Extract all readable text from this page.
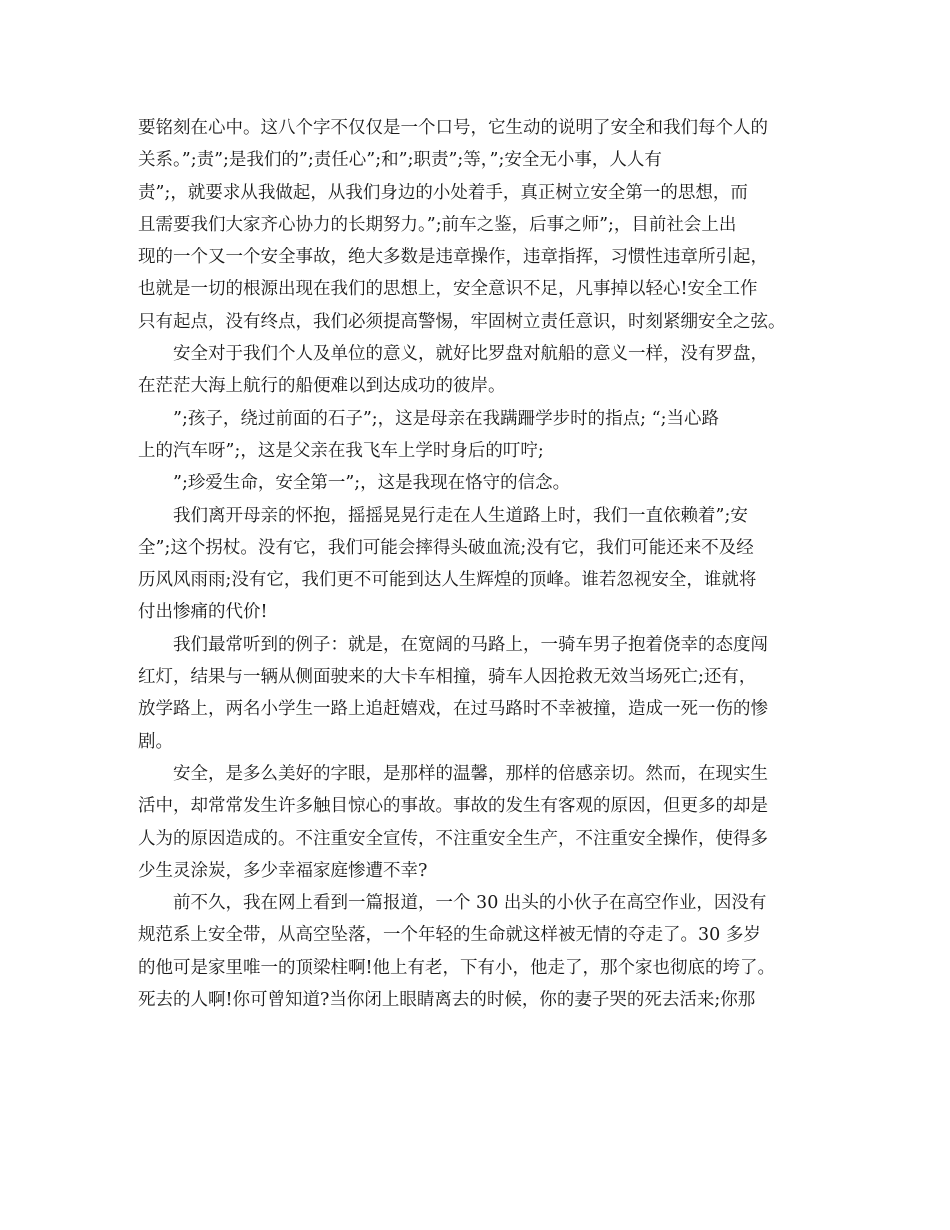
要铭刻在心中。这八个字不仅仅是一个口号，它生动的说明了安全和我们每个人的
关系。”;责”;是我们的”;责任心”;和”;职责”;等，”;安全无小事，人人有
责”;，就要求从我做起，从我们身边的小处着手，真正树立安全第一的思想，而
且需要我们大家齐心协力的长期努力。”;前车之鉴，后事之师”;，目前社会上出
现的一个又一个安全事故，绝大多数是违章操作，违章指挥，习惯性违章所引起，
也就是一切的根源出现在我们的思想上，安全意识不足，凡事掉以轻心!安全工作
只有起点，没有终点，我们必须提高警惕，牢固树立责任意识，时刻紧绷安全之弦。
　　安全对于我们个人及单位的意义，就好比罗盘对航船的意义一样，没有罗盘，
在茫茫大海上航行的船便难以到达成功的彼岸。
　　”;孩子，绕过前面的石子”;，这是母亲在我蹒跚学步时的指点; “;当心路
上的汽车呀”;，这是父亲在我飞车上学时身后的叮咛;
　　”;珍爱生命，安全第一”;，这是我现在恪守的信念。
　　我们离开母亲的怀抱，摇摇晃晃行走在人生道路上时，我们一直依赖着”;安
全”;这个拐杖。没有它，我们可能会摔得头破血流;没有它，我们可能还来不及经
历风风雨雨;没有它，我们更不可能到达人生辉煌的顶峰。谁若忽视安全，谁就将
付出惨痛的代价!
　　我们最常听到的例子：就是，在宽阔的马路上，一骑车男子抱着侥幸的态度闯
红灯，结果与一辆从侧面驶来的大卡车相撞，骑车人因抢救无效当场死亡;还有，
放学路上，两名小学生一路上追赶嬉戏，在过马路时不幸被撞，造成一死一伤的惨
剧。
　　安全，是多么美好的字眼，是那样的温馨，那样的倍感亲切。然而，在现实生
活中，却常常发生许多触目惊心的事故。事故的发生有客观的原因，但更多的却是
人为的原因造成的。不注重安全宣传，不注重安全生产，不注重安全操作，使得多
少生灵涂炭，多少幸福家庭惨遭不幸?
　　前不久，我在网上看到一篇报道，一个 30 出头的小伙子在高空作业，因没有
规范系上安全带，从高空坠落，一个年轻的生命就这样被无情的夺走了。30 多岁
的他可是家里唯一的顶梁柱啊!他上有老，下有小，他走了，那个家也彻底的垮了。
死去的人啊!你可曾知道?当你闭上眼睛离去的时候，你的妻子哭的死去活来;你那
